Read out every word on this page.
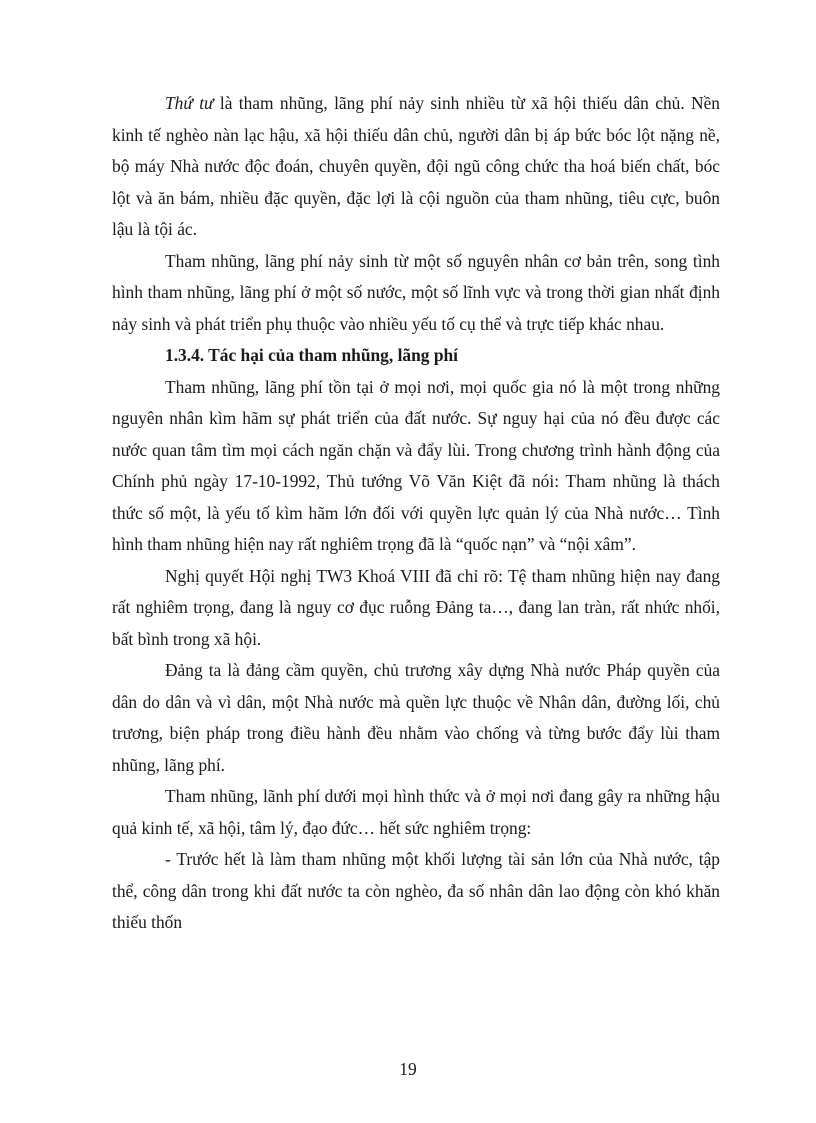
Thứ tư là tham nhũng, lãng phí nảy sinh nhiều từ xã hội thiếu dân chủ. Nền kinh tế nghèo nàn lạc hậu, xã hội thiếu dân chủ, người dân bị áp bức bóc lột nặng nề, bộ máy Nhà nước độc đoán, chuyên quyền, đội ngũ công chức tha hoá biến chất, bóc lột và ăn bám, nhiều đặc quyền, đặc lợi là cội nguồn của tham nhũng, tiêu cực, buôn lậu là tội ác.

Tham nhũng, lãng phí nảy sinh từ một số nguyên nhân cơ bản trên, song tình hình tham nhũng, lãng phí ở một số nước, một số lĩnh vực và trong thời gian nhất định nảy sinh và phát triển phụ thuộc vào nhiều yếu tố cụ thể và trực tiếp khác nhau.

1.3.4. Tác hại của tham nhũng, lãng phí

Tham nhũng, lãng phí tồn tại ở mọi nơi, mọi quốc gia nó là một trong những nguyên nhân kìm hãm sự phát triển của đất nước. Sự nguy hại của nó đều được các nước quan tâm tìm mọi cách ngăn chặn và đẩy lùi. Trong chương trình hành động của Chính phủ ngày 17-10-1992, Thủ tướng Võ Văn Kiệt đã nói: Tham nhũng là thách thức số một, là yếu tố kìm hãm lớn đối với quyền lực quản lý của Nhà nước… Tình hình tham nhũng hiện nay rất nghiêm trọng đã là “quốc nạn” và “nội xâm”.

Nghị quyết Hội nghị TW3 Khoá VIII đã chỉ rõ: Tệ tham nhũng hiện nay đang rất nghiêm trọng, đang là nguy cơ đục ruỗng Đảng ta…, đang lan tràn, rất nhức nhối, bất bình trong xã hội.

Đảng ta là đảng cầm quyền, chủ trương xây dựng Nhà nước Pháp quyền của dân do dân và vì dân, một Nhà nước mà quền lực thuộc về Nhân dân, đường lối, chủ trương, biện pháp trong điều hành đều nhằm vào chống và từng bước đẩy lùi tham nhũng, lãng phí.

Tham nhũng, lãnh phí dưới mọi hình thức và ở mọi nơi đang gây ra những hậu quả kinh tế, xã hội, tâm lý, đạo đức… hết sức nghiêm trọng:

- Trước hết là làm tham nhũng một khối lượng tài sản lớn của Nhà nước, tập thể, công dân trong khi đất nước ta còn nghèo, đa số nhân dân lao động còn khó khăn thiếu thốn

19
